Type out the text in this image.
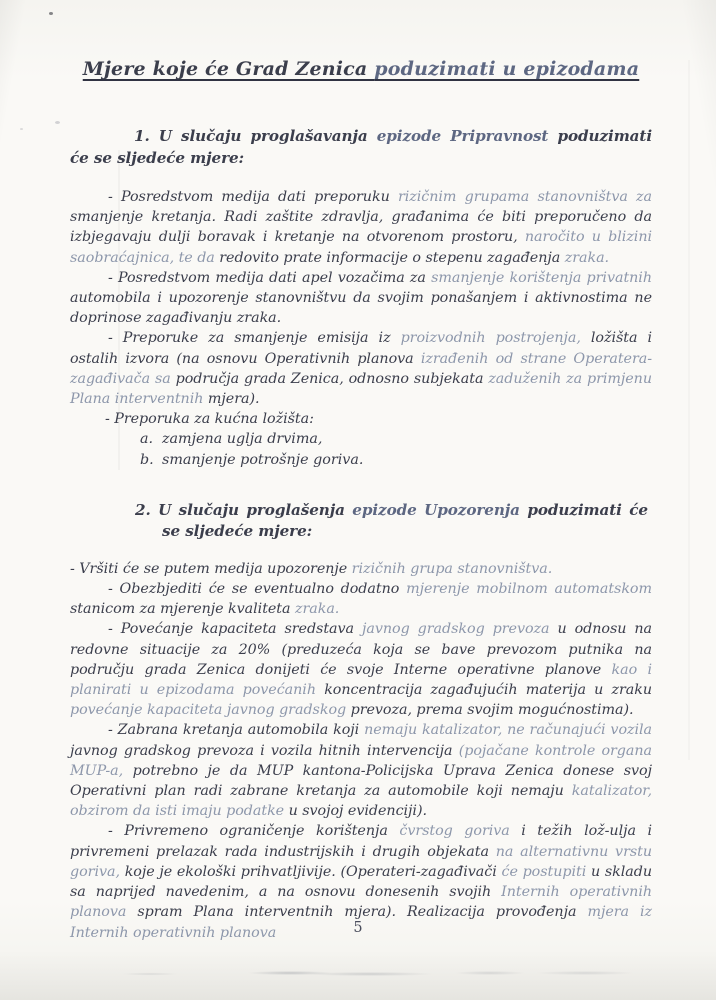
Mjere koje će Grad Zenica poduzimati u epizodama

1. U slučaju proglašavanja epizode Pripravnost poduzimati će se sljedeće mjere:

- Posredstvom medija dati preporuku rizičnim grupama stanovništva za smanjenje kretanja. Radi zaštite zdravlja, građanima će biti preporučeno da izbjegavaju dulji boravak i kretanje na otvorenom prostoru, naročito u blizini saobraćajnica, te da redovito prate informacije o stepenu zagađenja zraka.

- Posredstvom medija dati apel vozačima za smanjenje korištenja privatnih automobila i upozorenje stanovništvu da svojim ponašanjem i aktivnostima ne doprinose zagađivanju zraka.

- Preporuke za smanjenje emisija iz proizvodnih postrojenja, ložišta i ostalih izvora (na osnovu Operativnih planova izrađenih od strane Operatera-zagađivača sa područja grada Zenica, odnosno subjekata zaduženih za primjenu Plana interventnih mjera).

- Preporuka za kućna ložišta:

a. zamjena uglja drvima,
b. smanjenje potrošnje goriva.

2. U slučaju proglašenja epizode Upozorenja poduzimati će se sljedeće mjere:

- Vršiti će se putem medija upozorenje rizičnih grupa stanovništva.

- Obezbjediti će se eventualno dodatno mjerenje mobilnom automatskom stanicom za mjerenje kvaliteta zraka.

- Povećanje kapaciteta sredstava javnog gradskog prevoza u odnosu na redovne situacije za 20% (preduzeća koja se bave prevozom putnika na području grada Zenica donijeti će svoje Interne operativne planove kao i planirati u epizodama povećanih koncentracija zagađujućih materija u zraku povećanje kapaciteta javnog gradskog prevoza, prema svojim mogućnostima).

- Zabrana kretanja automobila koji nemaju katalizator, ne računajući vozila javnog gradskog prevoza i vozila hitnih intervencija (pojačane kontrole organa MUP-a, potrebno je da MUP kantona-Policijska Uprava Zenica donese svoj Operativni plan radi zabrane kretanja za automobile koji nemaju katalizator, obzirom da isti imaju podatke u svojoj evidenciji).

- Privremeno ograničenje korištenja čvrstog goriva i težih lož-ulja i privremeni prelazak rada industrijskih i drugih objekata na alternativnu vrstu goriva, koje je ekološki prihvatljivije. (Operateri-zagađivači će postupiti u skladu sa naprijed navedenim, a na osnovu donesenih svojih Internih operativnih planova spram Plana interventnih mjera). Realizacija provođenja mjera iz Internih operativnih planova	5
